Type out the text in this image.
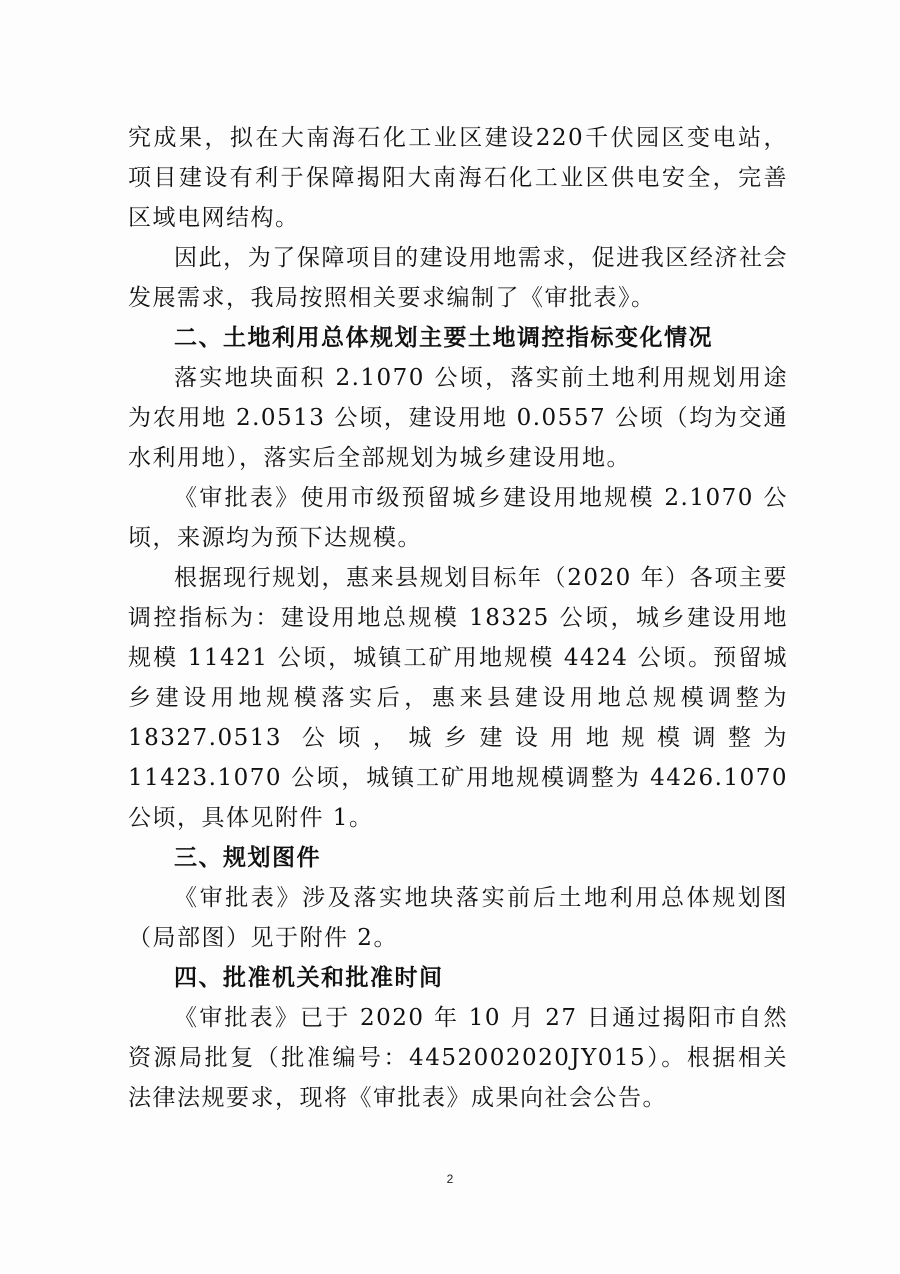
究成果，拟在大南海石化工业区建设220千伏园区变电站，项目建设有利于保障揭阳大南海石化工业区供电安全，完善区域电网结构。

因此，为了保障项目的建设用地需求，促进我区经济社会发展需求，我局按照相关要求编制了《审批表》。

二、土地利用总体规划主要土地调控指标变化情况

落实地块面积 2.1070 公顷，落实前土地利用规划用途为农用地 2.0513 公顷，建设用地 0.0557 公顷（均为交通水利用地），落实后全部规划为城乡建设用地。

《审批表》使用市级预留城乡建设用地规模 2.1070 公顷，来源均为预下达规模。

根据现行规划，惠来县规划目标年（2020 年）各项主要调控指标为：建设用地总规模 18325 公顷，城乡建设用地规模 11421 公顷，城镇工矿用地规模 4424 公顷。预留城乡建设用地规模落实后，惠来县建设用地总规模调整为 18327.0513 公顷，城乡建设用地规模调整为 11423.1070 公顷，城镇工矿用地规模调整为 4426.1070 公顷，具体见附件 1。

三、规划图件

《审批表》涉及落实地块落实前后土地利用总体规划图（局部图）见于附件 2。

四、批准机关和批准时间

《审批表》已于 2020 年 10 月 27 日通过揭阳市自然资源局批复（批准编号：4452002020JY015）。根据相关法律法规要求，现将《审批表》成果向社会公告。

2
